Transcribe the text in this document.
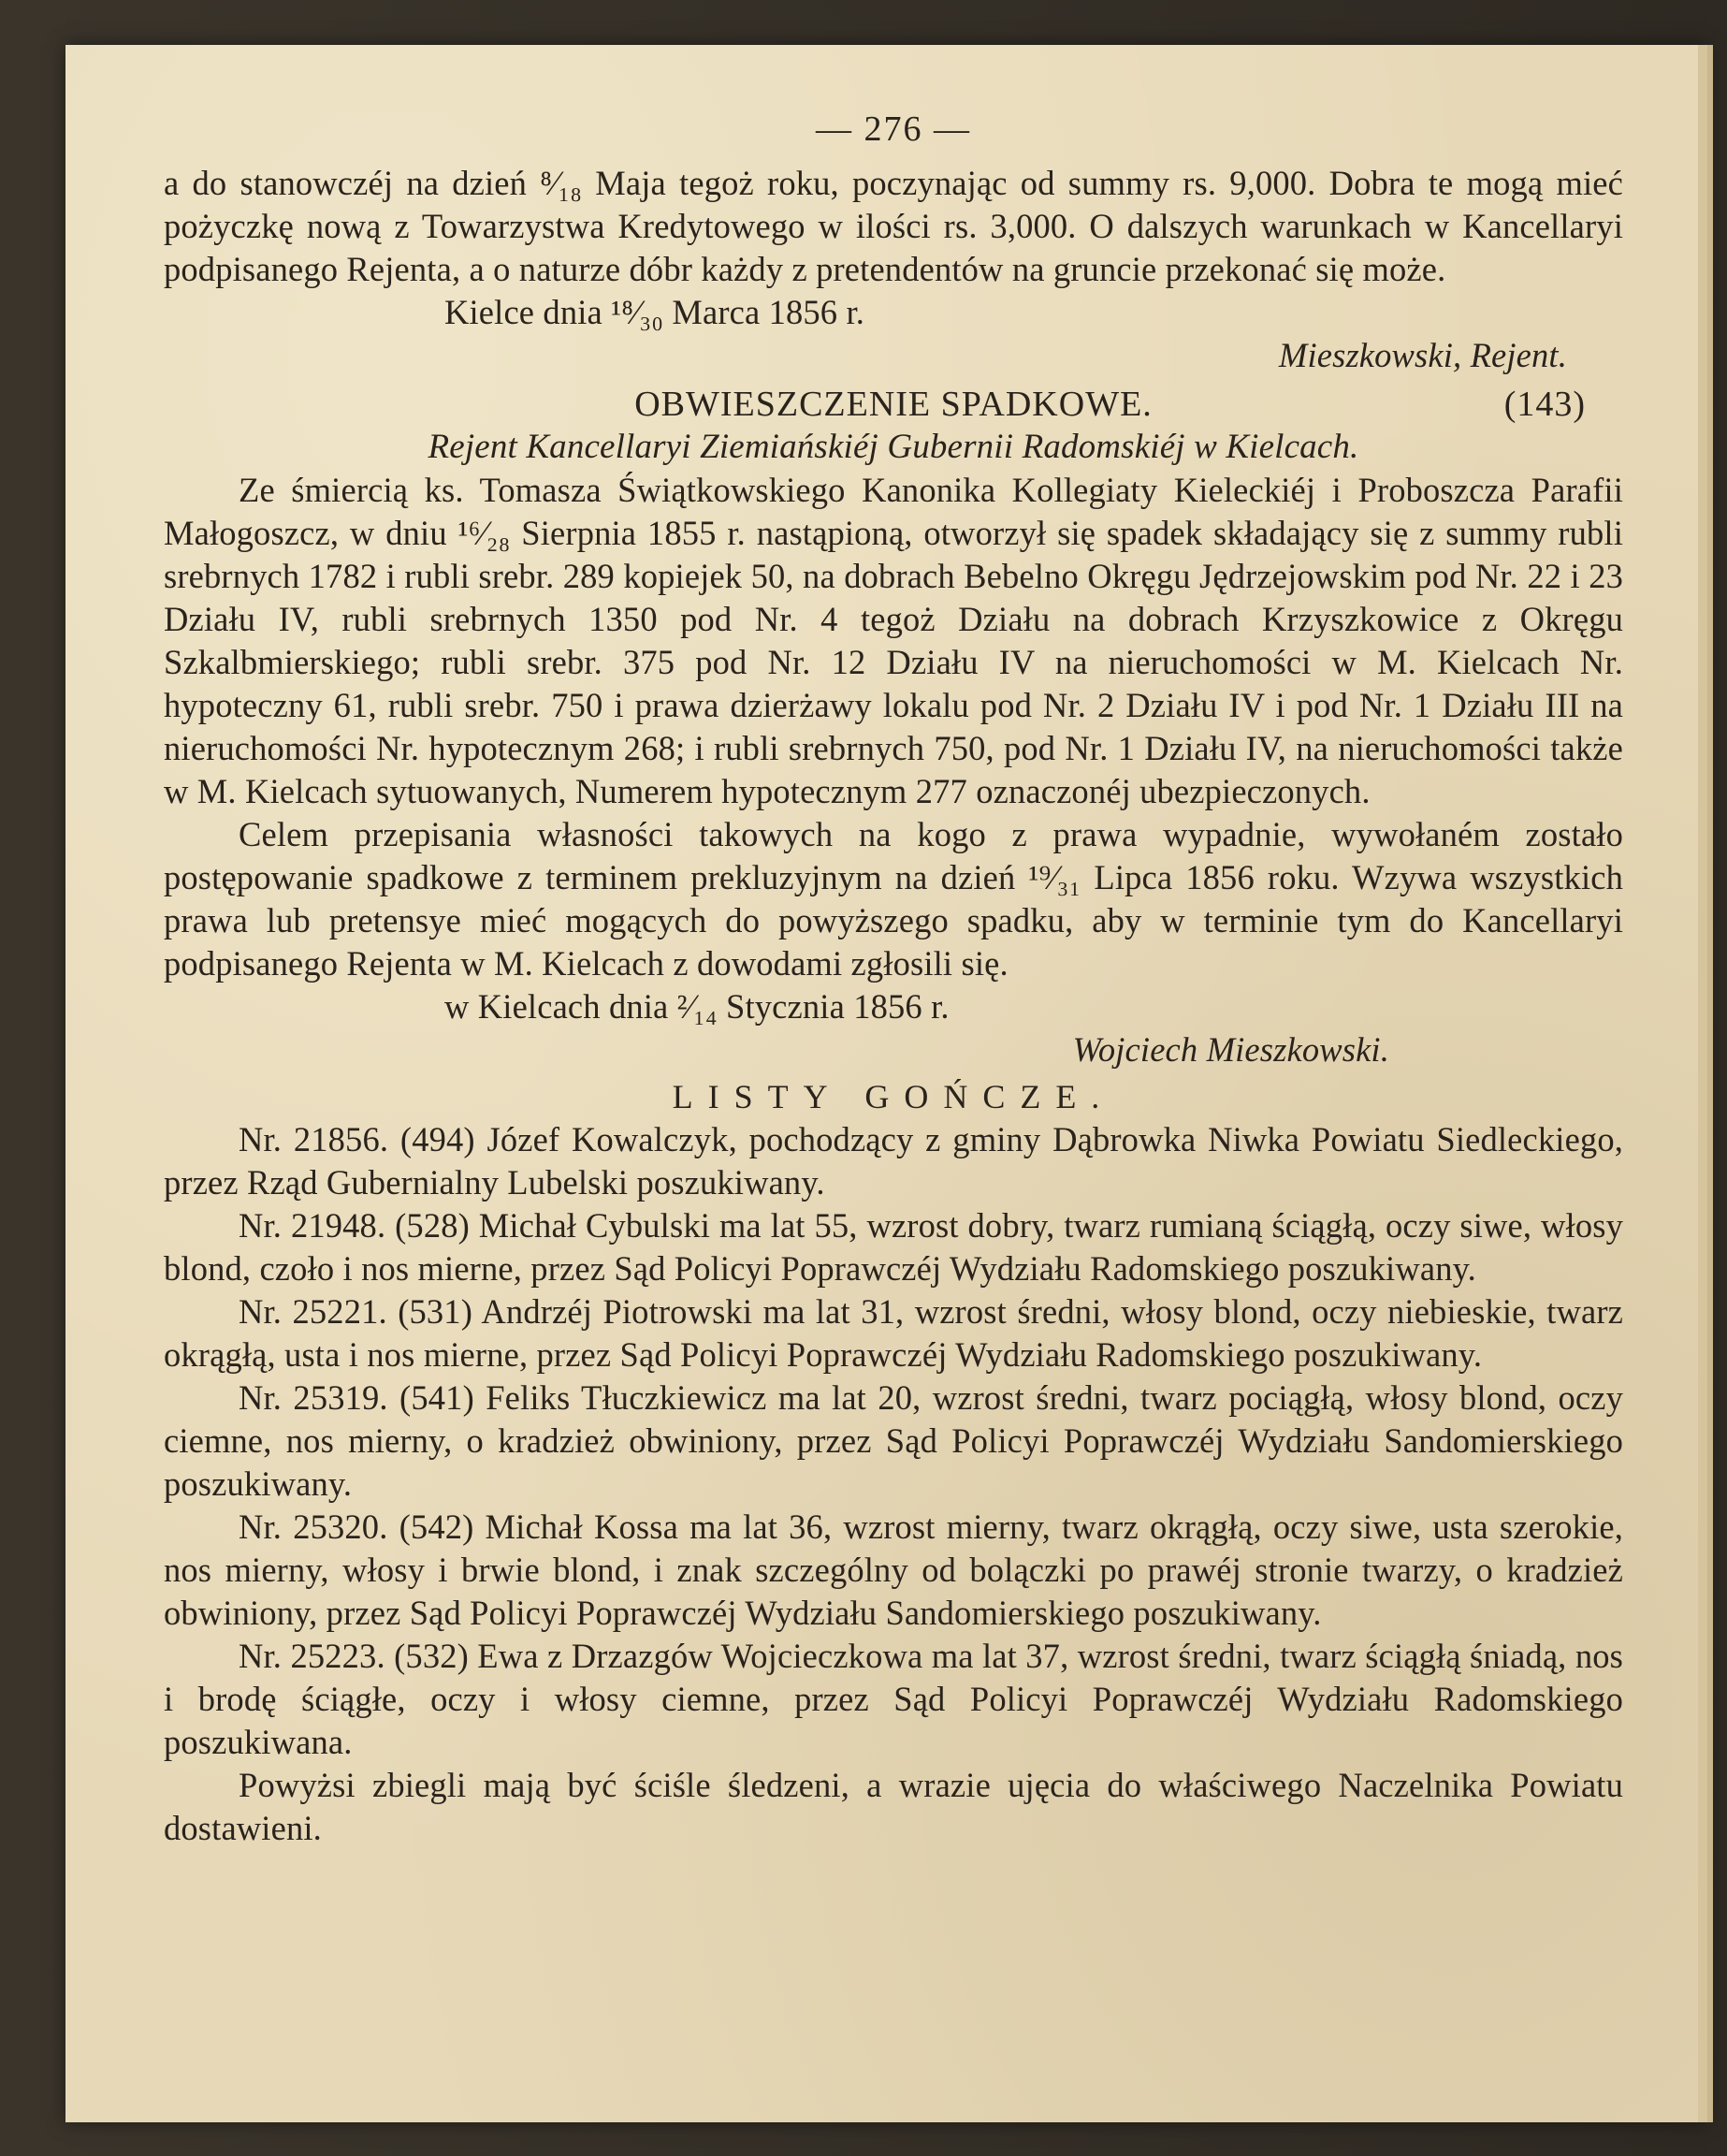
— 276 —

a do stanowczéj na dzień ⁸⁄₁₈ Maja tegoż roku, poczynając od summy rs. 9,000. Dobra te mogą mieć pożyczkę nową z Towarzystwa Kredytowego w ilości rs. 3,000. O dalszych warunkach w Kancellaryi podpisanego Rejenta, a o naturze dóbr każdy z pretendentów na gruncie przekonać się może.

Kielce dnia ¹⁸⁄₃₀ Marca 1856 r.

Mieszkowski, Rejent.

OBWIESZCZENIE SPADKOWE.	(143)

Rejent Kancellaryi Ziemiańskiéj Gubernii Radomskiéj w Kielcach.

Ze śmiercią ks. Tomasza Świątkowskiego Kanonika Kollegiaty Kieleckiéj i Proboszcza Parafii Małogoszcz, w dniu ¹⁶⁄₂₈ Sierpnia 1855 r. nastąpioną, otworzył się spadek składający się z summy rubli srebrnych 1782 i rubli srebr. 289 kopiejek 50, na dobrach Bebelno Okręgu Jędrzejowskim pod Nr. 22 i 23 Działu IV, rubli srebrnych 1350 pod Nr. 4 tegoż Działu na dobrach Krzyszkowice z Okręgu Szkalbmierskiego; rubli srebr. 375 pod Nr. 12 Działu IV na nieruchomości w M. Kielcach Nr. hypoteczny 61, rubli srebr. 750 i prawa dzierżawy lokalu pod Nr. 2 Działu IV i pod Nr. 1 Działu III na nieruchomości Nr. hypotecznym 268; i rubli srebrnych 750, pod Nr. 1 Działu IV, na nieruchomości także w M. Kielcach sytuowanych, Numerem hypotecznym 277 oznaczonéj ubezpieczonych.

Celem przepisania własności takowych na kogo z prawa wypadnie, wywołaném zostało postępowanie spadkowe z terminem prekluzyjnym na dzień ¹⁹⁄₃₁ Lipca 1856 roku. Wzywa wszystkich prawa lub pretensye mieć mogących do powyższego spadku, aby w terminie tym do Kancellaryi podpisanego Rejenta w M. Kielcach z dowodami zgłosili się.

w Kielcach dnia ²⁄₁₄ Stycznia 1856 r.

Wojciech Mieszkowski.

LISTY GOŃCZE.

Nr. 21856. (494) Józef Kowalczyk, pochodzący z gminy Dąbrowka Niwka Powiatu Siedleckiego, przez Rząd Gubernialny Lubelski poszukiwany.

Nr. 21948. (528) Michał Cybulski ma lat 55, wzrost dobry, twarz rumianą ściągłą, oczy siwe, włosy blond, czoło i nos mierne, przez Sąd Policyi Poprawczéj Wydziału Radomskiego poszukiwany.

Nr. 25221. (531) Andrzéj Piotrowski ma lat 31, wzrost średni, włosy blond, oczy niebieskie, twarz okrągłą, usta i nos mierne, przez Sąd Policyi Poprawczéj Wydziału Radomskiego poszukiwany.

Nr. 25319. (541) Feliks Tłuczkiewicz ma lat 20, wzrost średni, twarz pociągłą, włosy blond, oczy ciemne, nos mierny, o kradzież obwiniony, przez Sąd Policyi Poprawczéj Wydziału Sandomierskiego poszukiwany.

Nr. 25320. (542) Michał Kossa ma lat 36, wzrost mierny, twarz okrągłą, oczy siwe, usta szerokie, nos mierny, włosy i brwie blond, i znak szczególny od bolączki po prawéj stronie twarzy, o kradzież obwiniony, przez Sąd Policyi Poprawczéj Wydziału Sandomierskiego poszukiwany.

Nr. 25223. (532) Ewa z Drzazgów Wojcieczkowa ma lat 37, wzrost średni, twarz ściągłą śniadą, nos i brodę ściągłe, oczy i włosy ciemne, przez Sąd Policyi Poprawczéj Wydziału Radomskiego poszukiwana.

Powyżsi zbiegli mają być ściśle śledzeni, a wrazie ujęcia do właściwego Naczelnika Powiatu dostawieni.
